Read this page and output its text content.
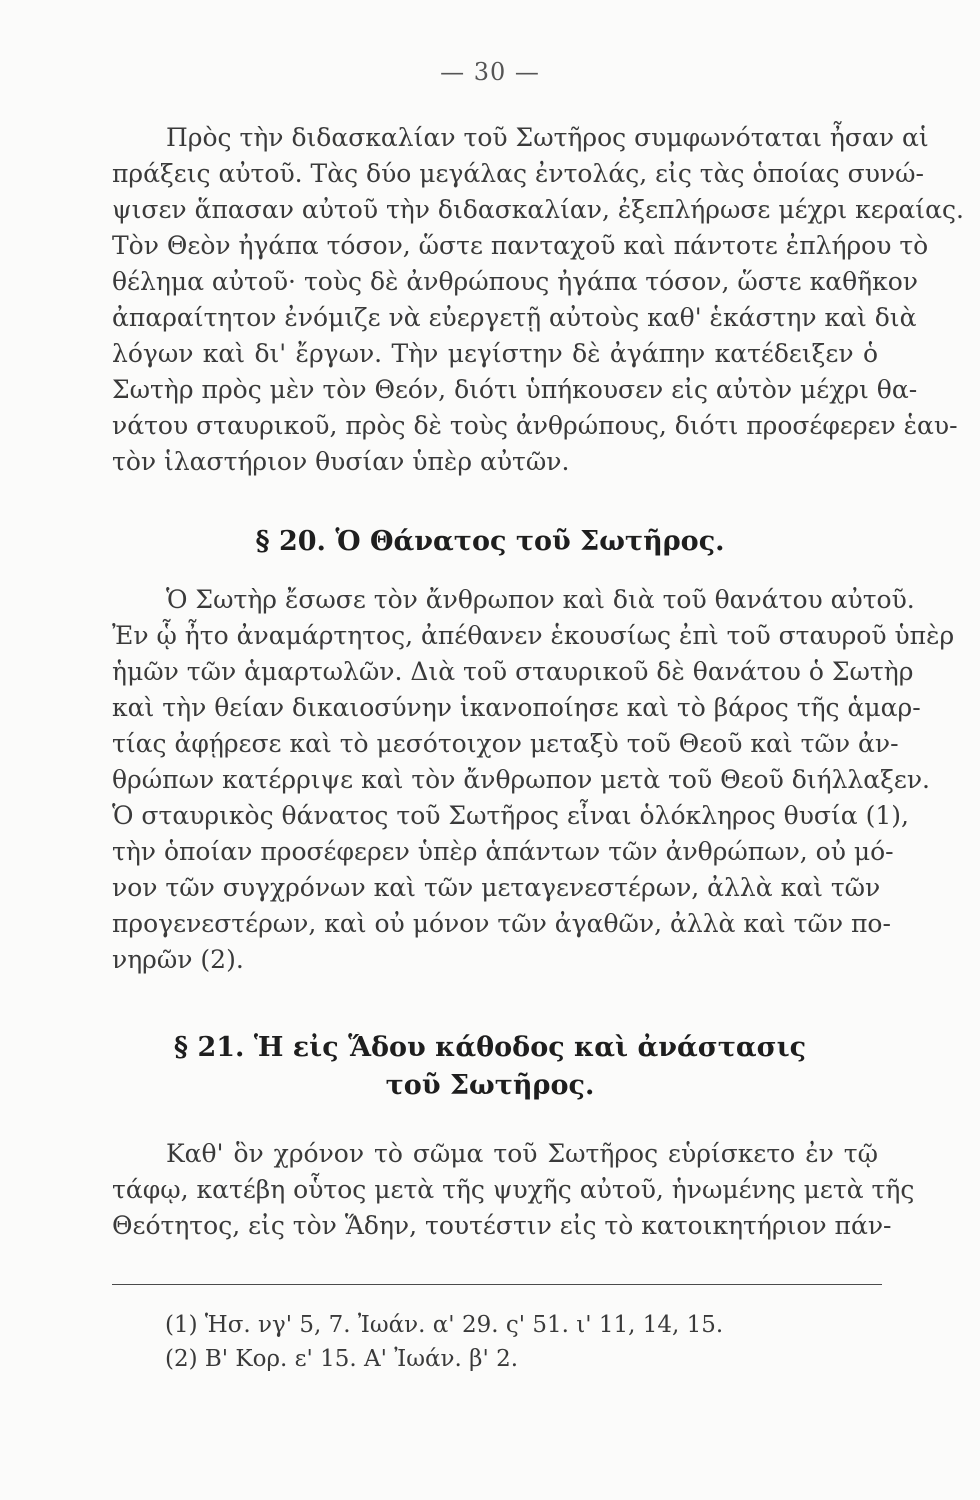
— 30 —
Πρὸς τὴν διδασκαλίαν τοῦ Σωτῆρος συμφωνόταται ἦσαν αἱ
πράξεις αὐτοῦ. Τὰς δύο μεγάλας ἐντολάς, εἰς τὰς ὁποίας συνώ-
ψισεν ἅπασαν αὐτοῦ τὴν διδασκαλίαν, ἐξεπλήρωσε μέχρι κεραίας.
Τὸν Θεὸν ἠγάπα τόσον, ὥστε πανταχοῦ καὶ πάντοτε ἐπλήρου τὸ
θέλημα αὐτοῦ· τοὺς δὲ ἀνθρώπους ἠγάπα τόσον, ὥστε καθῆκον
ἀπαραίτητον ἐνόμιζε νὰ εὐεργετῇ αὐτοὺς καθ' ἑκάστην καὶ διὰ
λόγων καὶ δι' ἔργων. Τὴν μεγίστην δὲ ἀγάπην κατέδειξεν ὁ
Σωτὴρ πρὸς μὲν τὸν Θεόν, διότι ὑπήκουσεν εἰς αὐτὸν μέχρι θα-
νάτου σταυρικοῦ, πρὸς δὲ τοὺς ἀνθρώπους, διότι προσέφερεν ἑαυ-
τὸν ἱλαστήριον θυσίαν ὑπὲρ αὐτῶν.
§ 20. Ὁ Θάνατος τοῦ Σωτῆρος.
Ὁ Σωτὴρ ἔσωσε τὸν ἄνθρωπον καὶ διὰ τοῦ θανάτου αὐτοῦ.
Ἐν ᾧ ἦτο ἀναμάρτητος, ἀπέθανεν ἑκουσίως ἐπὶ τοῦ σταυροῦ ὑπὲρ
ἡμῶν τῶν ἁμαρτωλῶν. Διὰ τοῦ σταυρικοῦ δὲ θανάτου ὁ Σωτὴρ
καὶ τὴν θείαν δικαιοσύνην ἱκανοποίησε καὶ τὸ βάρος τῆς ἁμαρ-
τίας ἀφῄρεσε καὶ τὸ μεσότοιχον μεταξὺ τοῦ Θεοῦ καὶ τῶν ἀν-
θρώπων κατέρριψε καὶ τὸν ἄνθρωπον μετὰ τοῦ Θεοῦ διήλλαξεν.
Ὁ σταυρικὸς θάνατος τοῦ Σωτῆρος εἶναι ὁλόκληρος θυσία (1),
τὴν ὁποίαν προσέφερεν ὑπὲρ ἁπάντων τῶν ἀνθρώπων, οὐ μό-
νον τῶν συγχρόνων καὶ τῶν μεταγενεστέρων, ἀλλὰ καὶ τῶν
προγενεστέρων, καὶ οὐ μόνον τῶν ἀγαθῶν, ἀλλὰ καὶ τῶν πο-
νηρῶν (2).
§ 21. Ἡ εἰς Ἅδου κάθοδος καὶ ἀνάστασις
τοῦ Σωτῆρος.
Καθ' ὃν χρόνον τὸ σῶμα τοῦ Σωτῆρος εὑρίσκετο ἐν τῷ
τάφῳ, κατέβη οὗτος μετὰ τῆς ψυχῆς αὐτοῦ, ἡνωμένης μετὰ τῆς
Θεότητος, εἰς τὸν Ἅδην, τουτέστιν εἰς τὸ κατοικητήριον πάν-
(1) Ἡσ. νγ' 5, 7. Ἰωάν. α' 29. ς' 51. ι' 11, 14, 15.
(2) Β' Κορ. ε' 15. Α' Ἰωάν. β' 2.
